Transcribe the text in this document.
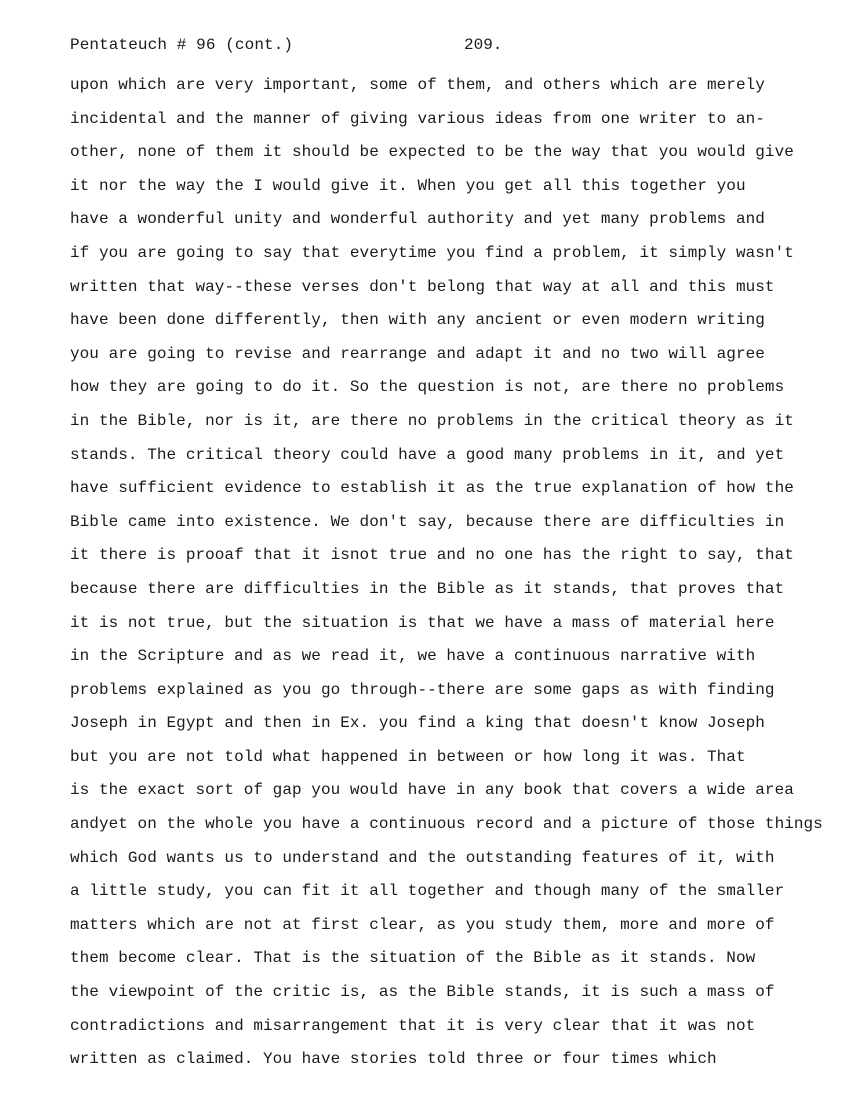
Pentateuch # 96 (cont.)

	209.

upon which are very important, some of them, and others which are merely
incidental and the manner of giving various ideas from one writer to an-
other, none of them it should be expected to be the way that you would give
it nor the way the I would give it. When you get all this together you
have a wonderful unity and wonderful authority and yet many problems and
if you are going to say that everytime you find a problem, it simply wasn't
written that way--these verses don't belong that way at all and this must
have been done differently, then with any ancient or even modern writing
you are going to revise and rearrange and adapt it and no two will agree
how they are going to do it. So the question is not, are there no problems
in the Bible, nor is it, are there no problems in the critical theory as it
stands. The critical theory could have a good many problems in it, and yet
have sufficient evidence to establish it as the true explanation of how the
Bible came into existence. We don't say, because there are difficulties in
it there is prooaf that it isnot true and no one has the right to say, that
because there are difficulties in the Bible as it stands, that proves that
it is not true, but the situation is that we have a mass of material here
in the Scripture and as we read it, we have a continuous narrative with
problems explained as you go through--there are some gaps as with finding
Joseph in Egypt and then in Ex. you find a king that doesn't know Joseph
but you are not told what happened in between or how long it was. That
is the exact sort of gap you would have in any book that covers a wide area
andyet on the whole you have a continuous record and a picture of those things
which God wants us to understand and the outstanding features of it, with
a little study, you can fit it all together and though many of the smaller
matters which are not at first clear, as you study them, more and more of
them become clear. That is the situation of the Bible as it stands. Now
the viewpoint of the critic is, as the Bible stands, it is such a mass of
contradictions and misarrangement that it is very clear that it was not
written as claimed. You have stories told three or four times which
